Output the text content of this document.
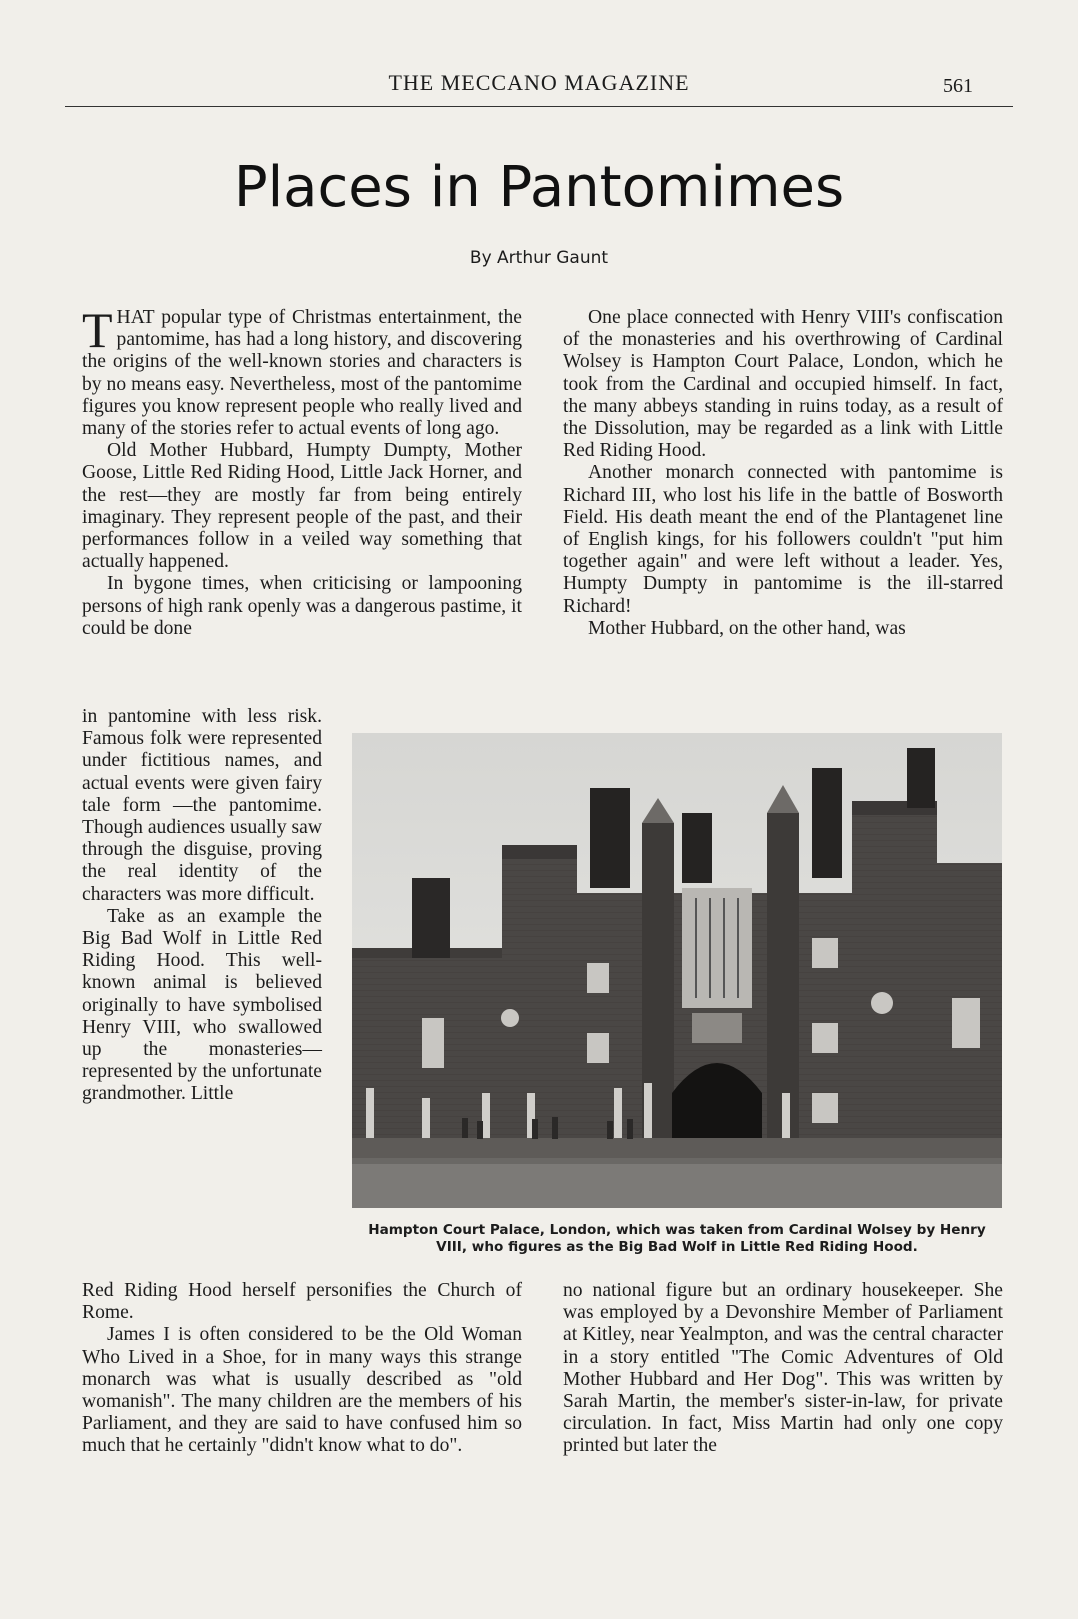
THE MECCANO MAGAZINE	561
Places in Pantomimes
By Arthur Gaunt

THAT popular type of Christmas entertainment, the pantomime, has had a long history, and discovering the origins of the well-known stories and characters is by no means easy. Nevertheless, most of the pantomime figures you know represent people who really lived and many of the stories refer to actual events of long ago.

Old Mother Hubbard, Humpty Dumpty, Mother Goose, Little Red Riding Hood, Little Jack Horner, and the rest—they are mostly far from being entirely imaginary. They represent people of the past, and their performances follow in a veiled way something that actually happened.

In bygone times, when criticising or lampooning persons of high rank openly was a dangerous pastime, it could be done

in pantomine with less risk. Famous folk were represented under fictitious names, and actual events were given fairy tale form —the pantomime. Though audiences usually saw through the disguise, proving the real identity of the characters was more difficult.

Take as an example the Big Bad Wolf in Little Red Riding Hood. This well-known animal is believed originally to have symbolised Henry VIII, who swallowed up the monasteries— represented by the unfortunate grandmother. Little

Red Riding Hood herself personifies the Church of Rome.

James I is often considered to be the Old Woman Who Lived in a Shoe, for in many ways this strange monarch was what is usually described as "old womanish". The many children are the members of his Parliament, and they are said to have confused him so much that he certainly "didn't know what to do".

One place connected with Henry VIII's confiscation of the monasteries and his overthrowing of Cardinal Wolsey is Hampton Court Palace, London, which he took from the Cardinal and occupied himself. In fact, the many abbeys standing in ruins today, as a result of the Dissolution, may be regarded as a link with Little Red Riding Hood.

Another monarch connected with pantomime is Richard III, who lost his life in the battle of Bosworth Field. His death meant the end of the Plantagenet line of English kings, for his followers couldn't "put him together again" and were left without a leader. Yes, Humpty Dumpty in pantomime is the ill-starred Richard!

Mother Hubbard, on the other hand, was

Hampton Court Palace, London, which was taken from Cardinal Wolsey by Henry VIII, who figures as the Big Bad Wolf in Little Red Riding Hood.

no national figure but an ordinary housekeeper. She was employed by a Devonshire Member of Parliament at Kitley, near Yealmpton, and was the central character in a story entitled "The Comic Adventures of Old Mother Hubbard and Her Dog". This was written by Sarah Martin, the member's sister-in-law, for private circulation. In fact, Miss Martin had only one copy printed but later the
